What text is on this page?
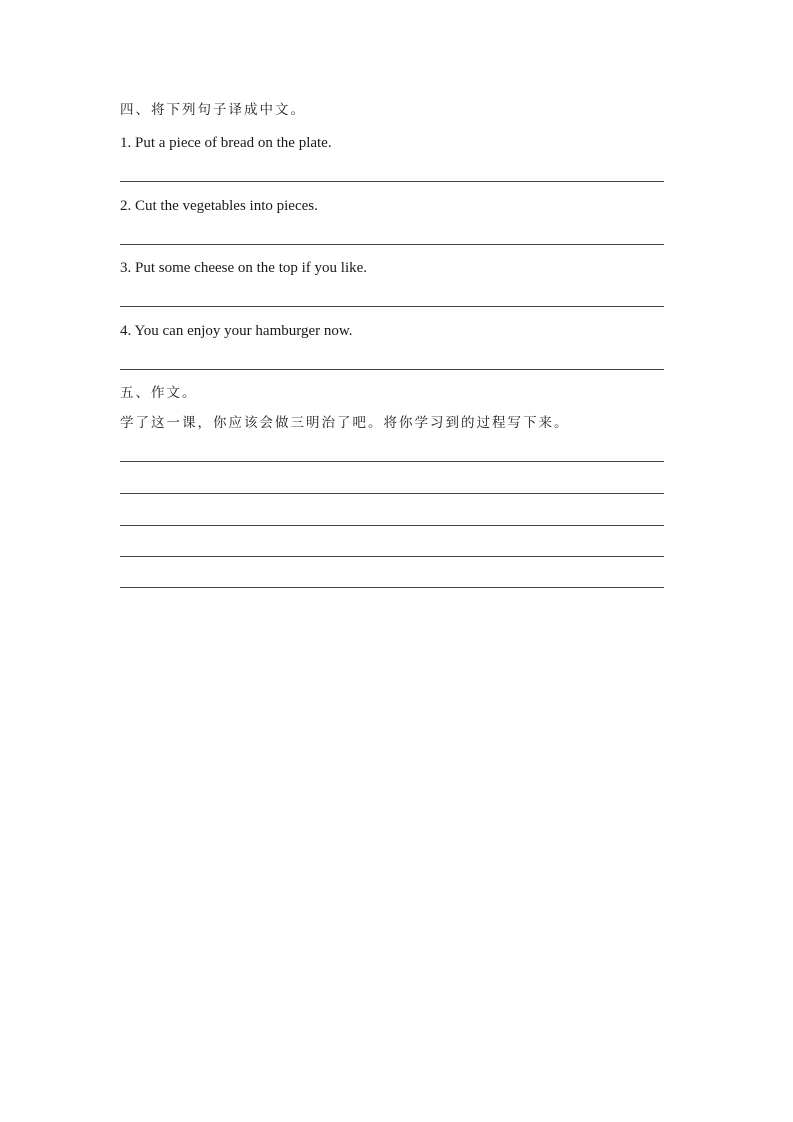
四、将下列句子译成中文。
1. Put a piece of bread on the plate.
2. Cut the vegetables into pieces.
3. Put some cheese on the top if you like.
4. You can enjoy your hamburger now.
五、作文。
学了这一课，你应该会做三明治了吧。将你学习到的过程写下来。
